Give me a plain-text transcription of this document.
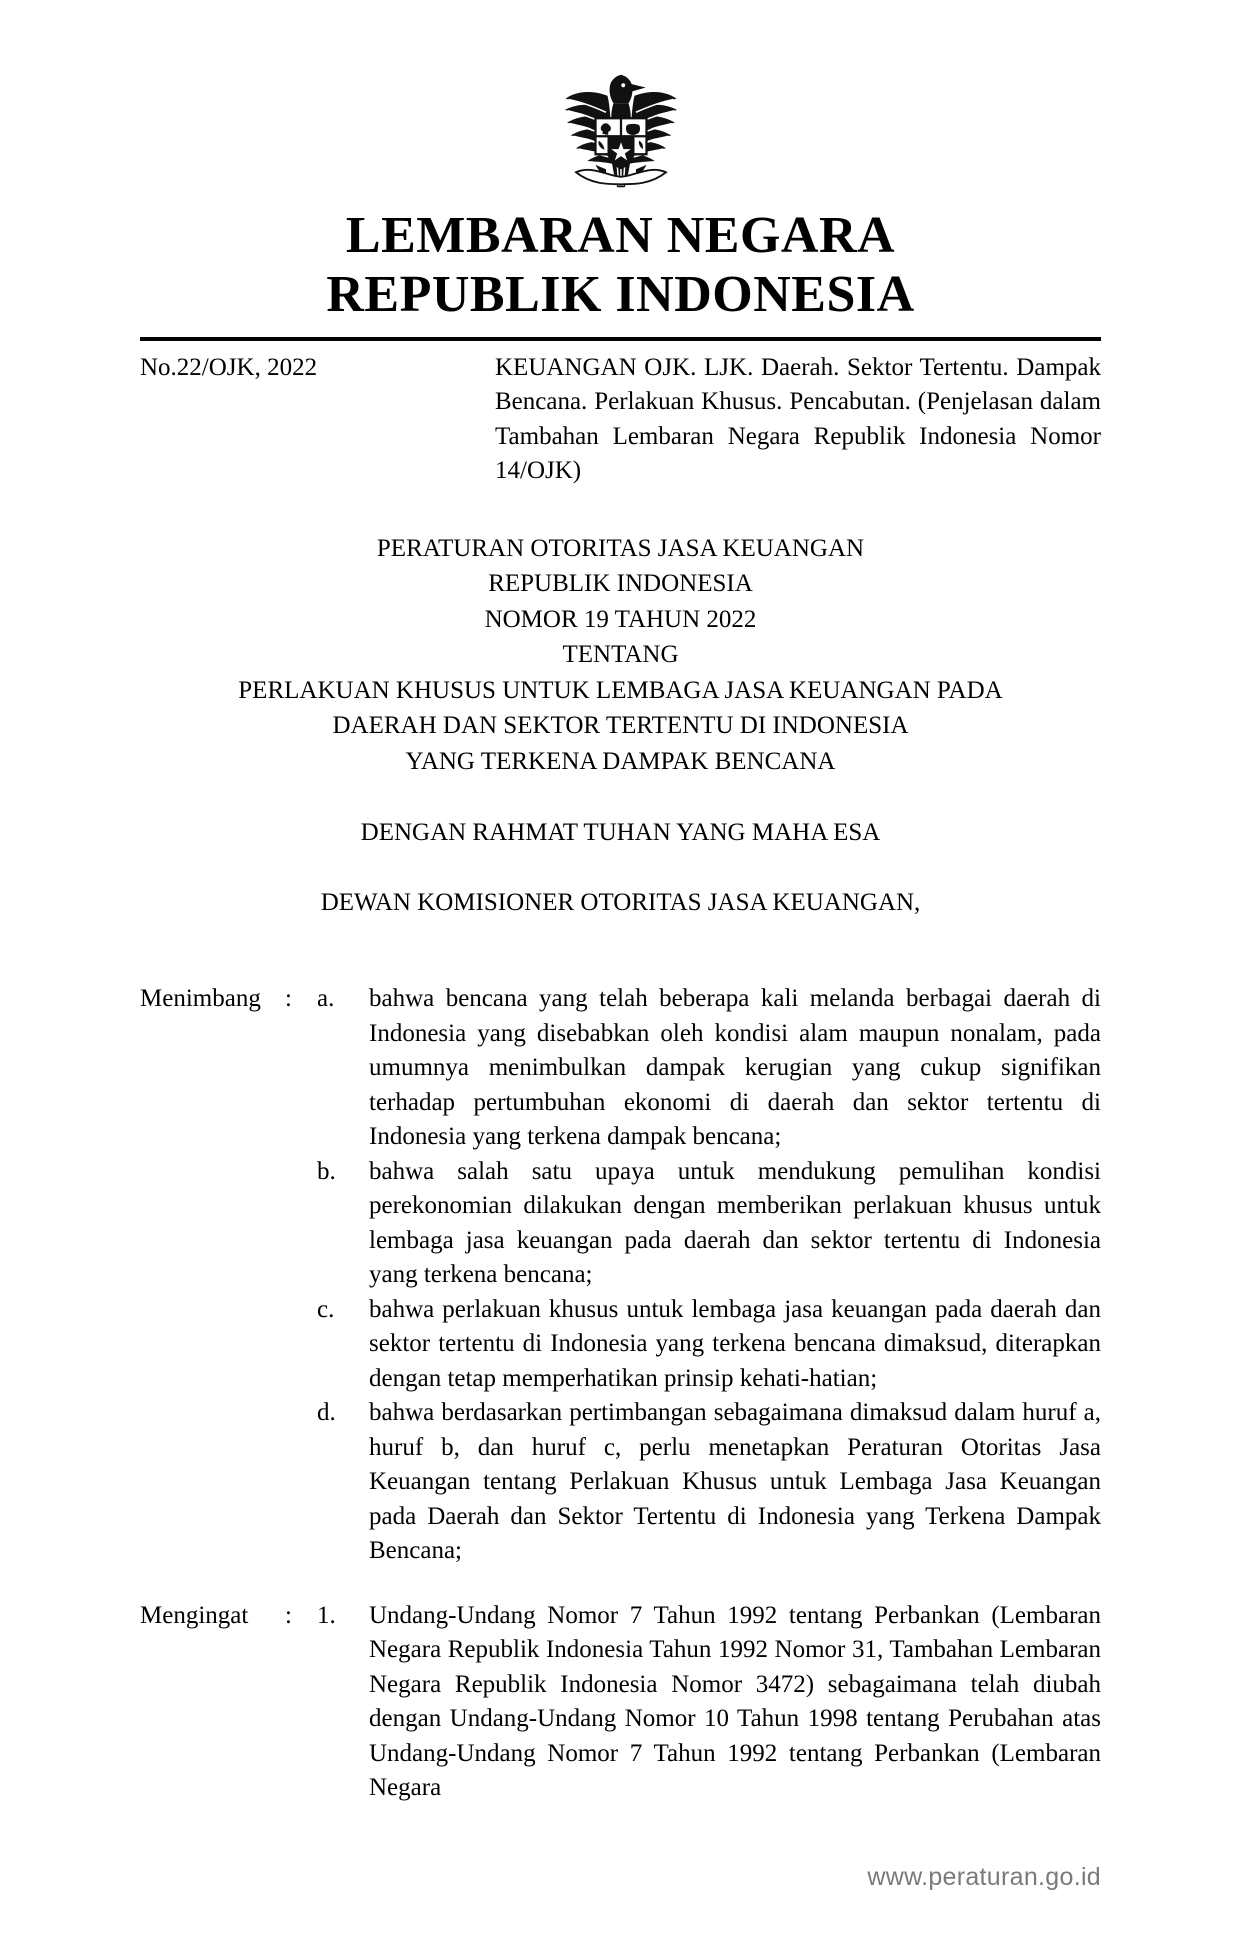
LEMBARAN NEGARA
REPUBLIK INDONESIA
No.22/OJK, 2022	KEUANGAN OJK. LJK. Daerah. Sektor Tertentu. Dampak Bencana. Perlakuan Khusus. Pencabutan. (Penjelasan dalam Tambahan Lembaran Negara Republik Indonesia Nomor 14/OJK)
PERATURAN OTORITAS JASA KEUANGAN
REPUBLIK INDONESIA
NOMOR 19 TAHUN 2022
TENTANG
PERLAKUAN KHUSUS UNTUK LEMBAGA JASA KEUANGAN PADA
DAERAH DAN SEKTOR TERTENTU DI INDONESIA
YANG TERKENA DAMPAK BENCANA
DENGAN RAHMAT TUHAN YANG MAHA ESA
DEWAN KOMISIONER OTORITAS JASA KEUANGAN,
Menimbang :	a.	bahwa bencana yang telah beberapa kali melanda berbagai daerah di Indonesia yang disebabkan oleh kondisi alam maupun nonalam, pada umumnya menimbulkan dampak kerugian yang cukup signifikan terhadap pertumbuhan ekonomi di daerah dan sektor tertentu di Indonesia yang terkena dampak bencana;
b.	bahwa salah satu upaya untuk mendukung pemulihan kondisi perekonomian dilakukan dengan memberikan perlakuan khusus untuk lembaga jasa keuangan pada daerah dan sektor tertentu di Indonesia yang terkena bencana;
c.	bahwa perlakuan khusus untuk lembaga jasa keuangan pada daerah dan sektor tertentu di Indonesia yang terkena bencana dimaksud, diterapkan dengan tetap memperhatikan prinsip kehati-hatian;
d.	bahwa berdasarkan pertimbangan sebagaimana dimaksud dalam huruf a, huruf b, dan huruf c, perlu menetapkan Peraturan Otoritas Jasa Keuangan tentang Perlakuan Khusus untuk Lembaga Jasa Keuangan pada Daerah dan Sektor Tertentu di Indonesia yang Terkena Dampak Bencana;
Mengingat	:	1.	Undang-Undang Nomor 7 Tahun 1992 tentang Perbankan (Lembaran Negara Republik Indonesia Tahun 1992 Nomor 31, Tambahan Lembaran Negara Republik Indonesia Nomor 3472) sebagaimana telah diubah dengan Undang-Undang Nomor 10 Tahun 1998 tentang Perubahan atas Undang-Undang Nomor 7 Tahun 1992 tentang Perbankan (Lembaran Negara
www.peraturan.go.id
